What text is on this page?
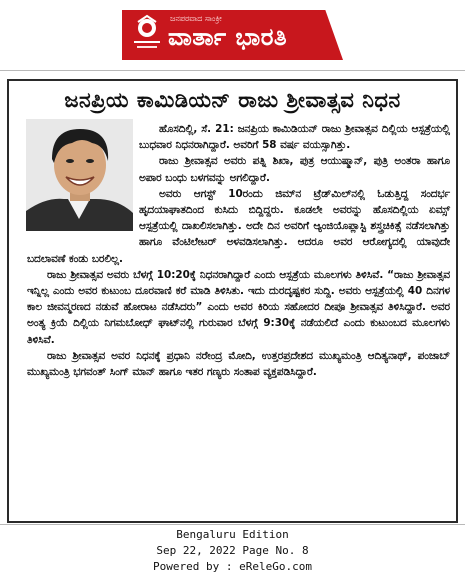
ಜನಪರವಾದ ಸಾಂಕ್ರೀ
ವಾರ್ತಾ ಭಾರತಿ
ಜನಪ್ರಿಯ ಕಾಮಿಡಿಯನ್ ರಾಜು ಶ್ರೀವಾತ್ಸವ ನಿಧನ

ಹೊಸದಿಲ್ಲಿ, ಸೆ. 21: ಜನಪ್ರಿಯ ಕಾಮಿಡಿಯನ್ ರಾಜು ಶ್ರೀವಾತ್ಸವ ದಿಲ್ಲಿಯ ಆಸ್ಪತ್ರೆಯಲ್ಲಿ ಬುಧವಾರ ನಿಧನರಾಗಿದ್ದಾರೆ. ಅವರಿಗೆ 58 ವರ್ಷ ವಯಸ್ಸಾಗಿತ್ತು.

ರಾಜು ಶ್ರೀವಾತ್ಸವ ಅವರು ಪತ್ನಿ ಶಿಖಾ, ಪುತ್ರ ಆಯುಷ್ಮಾನ್, ಪುತ್ರಿ ಅಂತರಾ ಹಾಗೂ ಅಪಾರ ಬಂಧು ಬಳಗವನ್ನು ಅಗಲಿದ್ದಾರೆ.

ಅವರು ಆಗಸ್ಟ್ 10ರಂದು ಜಿಮ್‌ನ ಟ್ರೆಡ್‌ಮಿಲ್‌ನಲ್ಲಿ ಓಡುತ್ತಿದ್ದ ಸಂದರ್ಭ ಹೃದಯಾಘಾತದಿಂದ ಕುಸಿದು ಬಿದ್ದಿದ್ದರು. ಕೂಡಲೇ ಅವರನ್ನು ಹೊಸದಿಲ್ಲಿಯ ಏಮ್ಸ್ ಆಸ್ಪತ್ರೆಯಲ್ಲಿ ದಾಖಲಿಸಲಾಗಿತ್ತು. ಅದೇ ದಿನ ಅವರಿಗೆ ಆ್ಯಂಜಿಯೊಪ್ಲಾಸ್ಟಿ ಶಸ್ತ್ರಚಿಕಿತ್ಸೆ ನಡೆಸಲಾಗಿತ್ತು ಹಾಗೂ ವೆಂಟಿಲೇಟರ್ ಅಳವಡಿಸಲಾಗಿತ್ತು. ಆದರೂ ಅವರ ಆರೋಗ್ಯದಲ್ಲಿ ಯಾವುದೇ ಬದಲಾವಣೆ ಕಂಡು ಬರಲಿಲ್ಲ.

ರಾಜು ಶ್ರೀವಾತ್ಸವ ಅವರು ಬೆಳಗ್ಗೆ 10:20ಕ್ಕೆ ನಿಧನರಾಗಿದ್ದಾರೆ ಎಂದು ಆಸ್ಪತ್ರೆಯ ಮೂಲಗಳು ತಿಳಿಸಿವೆ. “ರಾಜು ಶ್ರೀವಾತ್ಸವ ಇನ್ನಿಲ್ಲ ಎಂದು ಅವರ ಕುಟುಂಬ ದೂರವಾಣಿ ಕರೆ ಮಾಡಿ ತಿಳಿಸಿತು. ಇದು ದುರದೃಷ್ಟಕರ ಸುದ್ದಿ. ಅವರು ಆಸ್ಪತ್ರೆಯಲ್ಲಿ 40 ದಿನಗಳ ಕಾಲ ಜೀವನ್ಮರಣದ ನಡುವೆ ಹೋರಾಟ ನಡೆಸಿದರು” ಎಂದು ಅವರ ಕಿರಿಯ ಸಹೋದರ ದೀಪೂ ಶ್ರೀವಾತ್ಸವ ತಿಳಿಸಿದ್ದಾರೆ. ಅವರ ಅಂತ್ಯ ಕ್ರಿಯೆ ದಿಲ್ಲಿಯ ನಿಗಮಬೋಧ್ ಘಾಟ್‌ನಲ್ಲಿ ಗುರುವಾರ ಬೆಳಗ್ಗೆ 9:30ಕ್ಕೆ ನಡೆಯಲಿದೆ ಎಂದು ಕುಟುಂಬದ ಮೂಲಗಳು ತಿಳಿಸಿವೆ.

ರಾಜು ಶ್ರೀವಾತ್ಸವ ಅವರ ನಿಧನಕ್ಕೆ ಪ್ರಧಾನಿ ನರೇಂದ್ರ ಮೋದಿ, ಉತ್ತರಪ್ರದೇಶದ ಮುಖ್ಯಮಂತ್ರಿ ಆದಿತ್ಯನಾಥ್, ಪಂಜಾಬ್ ಮುಖ್ಯಮಂತ್ರಿ ಭಗವಂತ್ ಸಿಂಗ್ ಮಾನ್ ಹಾಗೂ ಇತರ ಗಣ್ಯರು ಸಂತಾಪ ವ್ಯಕ್ತಪಡಿಸಿದ್ದಾರೆ.

Bengaluru Edition
Sep 22, 2022 Page No. 8
Powered by : eReleGo.com
